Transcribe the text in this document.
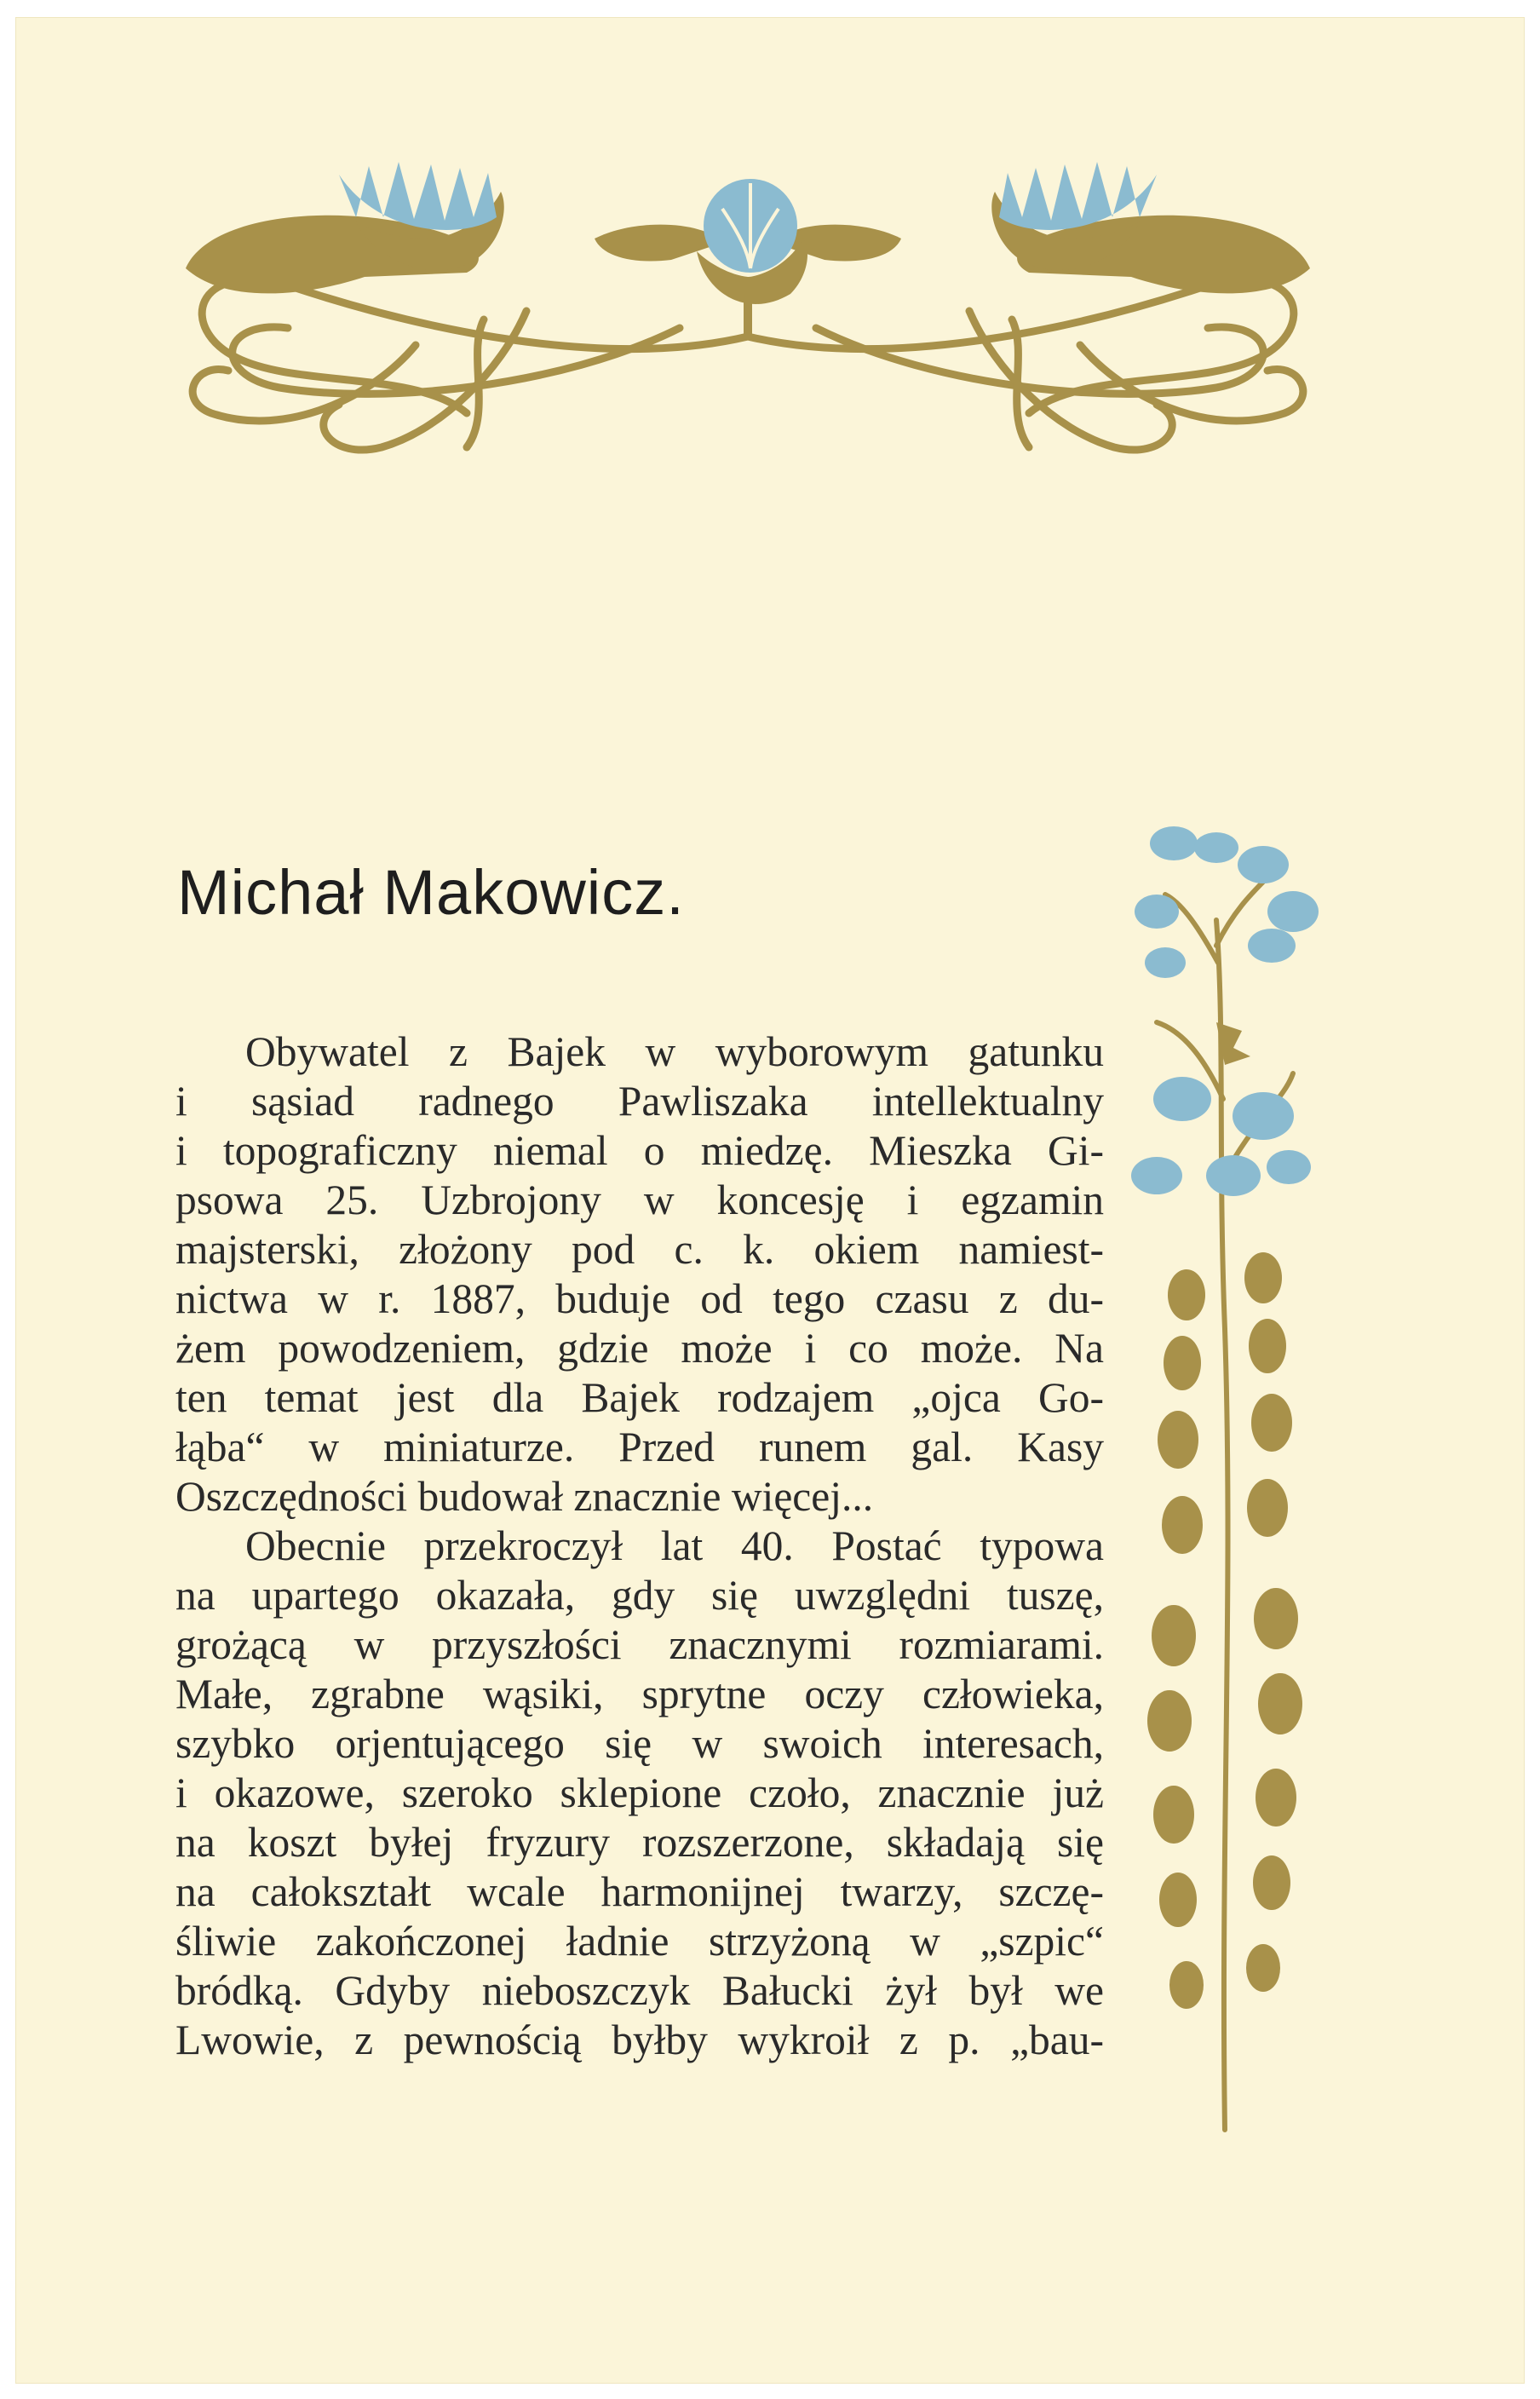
Michał Makowicz.
Obywatel z Bajek w wyborowym gatunku
i sąsiad radnego Pawliszaka intellektualny
i topograficzny niemal o miedzę. Mieszka Gi-
psowa 25. Uzbrojony w koncesję i egzamin
majsterski, złożony pod c. k. okiem namiest-
nictwa w r. 1887, buduje od tego czasu z du-
żem powodzeniem, gdzie może i co może. Na
ten temat jest dla Bajek rodzajem „ojca Go-
łąba“ w miniaturze. Przed runem gal. Kasy
Oszczędności budował znacznie więcej...
Obecnie przekroczył lat 40. Postać typowa
na upartego okazała, gdy się uwzględni tuszę,
grożącą w przyszłości znacznymi rozmiarami.
Małe, zgrabne wąsiki, sprytne oczy człowieka,
szybko orjentującego się w swoich interesach,
i okazowe, szeroko sklepione czoło, znacznie już
na koszt byłej fryzury rozszerzone, składają się
na całokształt wcale harmonijnej twarzy, szczę-
śliwie zakończonej ładnie strzyżoną w „szpic“
bródką. Gdyby nieboszczyk Bałucki żył był we
Lwowie, z pewnością byłby wykroił z p. „bau-
